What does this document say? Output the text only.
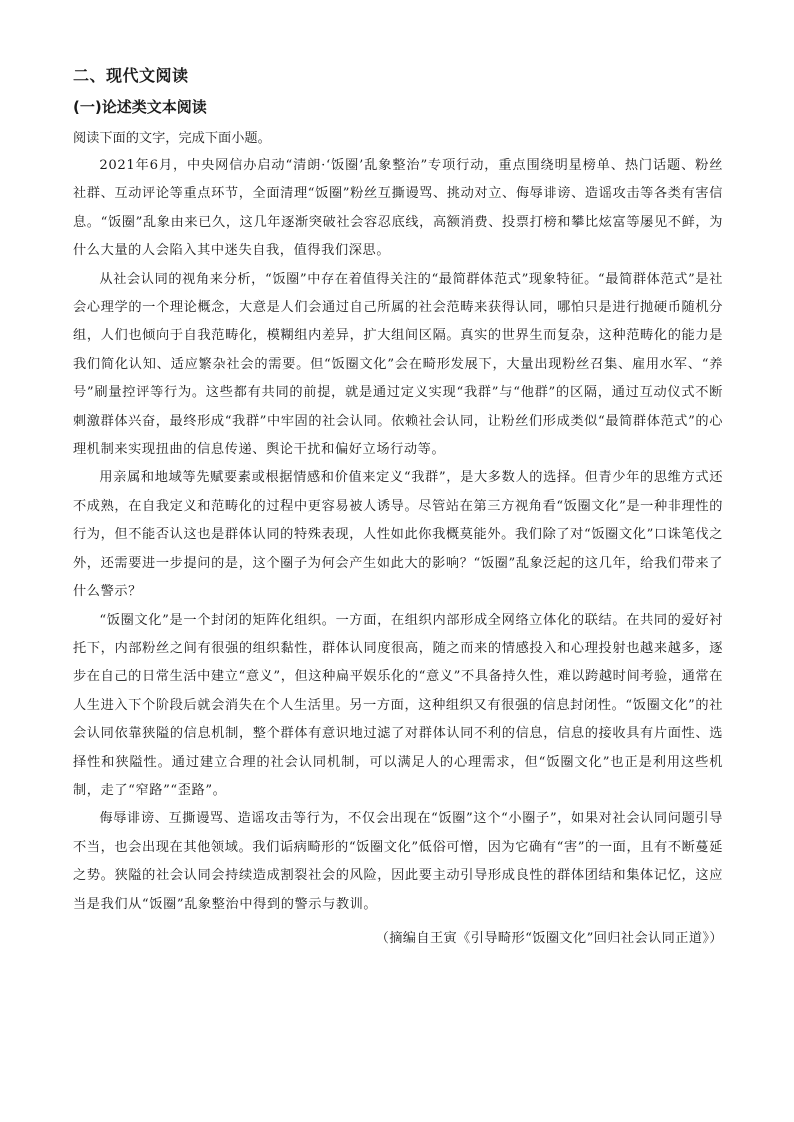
二、现代文阅读
(一)论述类文本阅读
阅读下面的文字，完成下面小题。

2021年6月，中央网信办启动“清朗·‘饭圈’乱象整治”专项行动，重点围绕明星榜单、热门话题、粉丝社群、互动评论等重点环节，全面清理“饭圈”粉丝互撕谩骂、挑动对立、侮辱诽谤、造谣攻击等各类有害信息。“饭圈”乱象由来已久，这几年逐渐突破社会容忍底线，高额消费、投票打榜和攀比炫富等屡见不鲜，为什么大量的人会陷入其中迷失自我，值得我们深思。

从社会认同的视角来分析，“饭圈”中存在着值得关注的“最简群体范式”现象特征。“最简群体范式”是社会心理学的一个理论概念，大意是人们会通过自己所属的社会范畴来获得认同，哪怕只是进行抛硬币随机分组，人们也倾向于自我范畴化，模糊组内差异，扩大组间区隔。真实的世界生而复杂，这种范畴化的能力是我们简化认知、适应繁杂社会的需要。但“饭圈文化”会在畸形发展下，大量出现粉丝召集、雇用水军、“养号”刷量控评等行为。这些都有共同的前提，就是通过定义实现“我群”与“他群”的区隔，通过互动仪式不断刺激群体兴奋，最终形成“我群”中牢固的社会认同。依赖社会认同，让粉丝们形成类似“最简群体范式”的心理机制来实现扭曲的信息传递、舆论干扰和偏好立场行动等。

用亲属和地域等先赋要素或根据情感和价值来定义“我群”，是大多数人的选择。但青少年的思维方式还不成熟，在自我定义和范畴化的过程中更容易被人诱导。尽管站在第三方视角看“饭圈文化”是一种非理性的行为，但不能否认这也是群体认同的特殊表现，人性如此你我概莫能外。我们除了对“饭圈文化”口诛笔伐之外，还需要进一步提问的是，这个圈子为何会产生如此大的影响？“饭圈”乱象泛起的这几年，给我们带来了什么警示？

“饭圈文化”是一个封闭的矩阵化组织。一方面，在组织内部形成全网络立体化的联结。在共同的爱好衬托下，内部粉丝之间有很强的组织黏性，群体认同度很高，随之而来的情感投入和心理投射也越来越多，逐步在自己的日常生活中建立“意义”，但这种扁平娱乐化的“意义”不具备持久性，难以跨越时间考验，通常在人生进入下个阶段后就会消失在个人生活里。另一方面，这种组织又有很强的信息封闭性。“饭圈文化”的社会认同依靠狭隘的信息机制，整个群体有意识地过滤了对群体认同不利的信息，信息的接收具有片面性、选择性和狭隘性。通过建立合理的社会认同机制，可以满足人的心理需求，但“饭圈文化”也正是利用这些机制，走了“窄路”“歪路”。

侮辱诽谤、互撕谩骂、造谣攻击等行为，不仅会出现在“饭圈”这个“小圈子”，如果对社会认同问题引导不当，也会出现在其他领域。我们诟病畸形的“饭圈文化”低俗可憎，因为它确有“害”的一面，且有不断蔓延之势。狭隘的社会认同会持续造成割裂社会的风险，因此要主动引导形成良性的群体团结和集体记忆，这应当是我们从“饭圈”乱象整治中得到的警示与教训。

（摘编自王寅《引导畸形“饭圈文化”回归社会认同正道》）
